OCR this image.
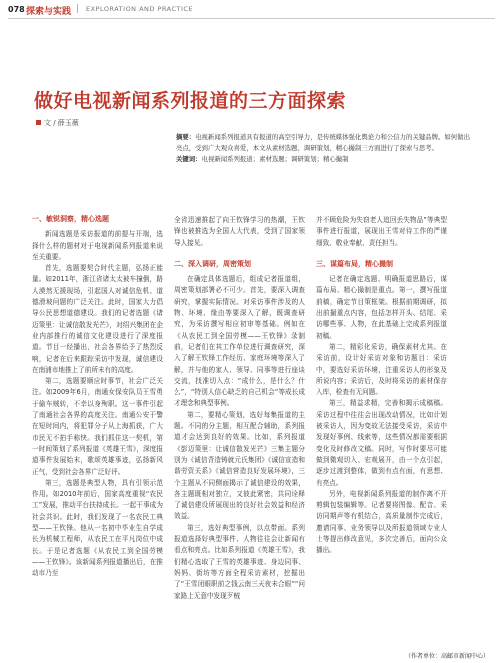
078 探索与实践 | EXPLORATION AND PRACTICE
做好电视新闻系列报道的三方面探索
文 / 薛玉薇

摘要：电视新闻系列报道具有报道的高空引导力，是传统媒体强化舆论力和公信力的关键品牌。如何做出亮点，受到广大观众喜爱，本文从素材选题、调研策划、精心撮制三方面进行了探索与思考。

关键词：电视新闻系列报道；素材选题；调研策划；精心撮制

一、敏锐洞察，精心选题

新闻选题是采访报道的前提与开端，选择什么样的题材对于电视新闻系列报道来说至关重要。

首先，选题要契合时代主题，弘扬正能量。如2011年，浙江省诸太太被车撞倒，路人漠然无援现场，引起国人对诚信危机、道德滑坡问题的广泛关注。此时，国家大力倡导公民思想道德建设。我们的记者选题《诸迈策里：让诚信散发光芒》，对绍兴集团在企业内部推行的诚信文化建设进行了深度报道。节目一经播出，社会各界给予了热烈反响，记者在后来跟踪采访中发现，诚信建设在南浦市地推上了前所未有的高度。

第二，选题要顺应时事节，社会广泛关注。如2009年6月，南通女保安队员王雪勇于偷车贼转，不幸以身殉职。这一事件引起了南通社会各界的高度关注。南通公安干警在短时间内，将犯罪分子从上海抓获，广大市民无不拍手称快。我们抓住这一契机，第一时间策划了系列报道《英雄王雪》，深度报道事件发展始末，歌颂英雄事迹，弘扬新风正气，受到社会各界广泛好评。

第三，选题是典型人物，具有引领示范作用。如2010年前后，国家高度重视“农民工”发展，推动平台扶持成长。一起干事成为社会共识。此时，我们发现了一名农民工典型——王钦锋。他从一名初中毕业生自学成长为机械工程师，从农民工在平凡岗位中成长。于是记者选题《从农民工到全国劳模——王钦锋》。该新闻系列报道播出后，在推动市乃至

全省迅速推起了向王钦锋学习的热潮，王钦锋也被推选为全国人大代表，受到了国家领导人接见。

二、深入调研，周密策划

在确定具体选题后，组成记者报道组，周密策划部署必不可少。首先，要深入调查研究，掌握实际情况。对采访事件涉及的人物、环境、缘由等要深入了解，既调查研究，为采访撰写相应初审等基础。例如在《从农民工到全国劳模——王钦锋》录制前，记者们在其工作单位进行调查研究，深入了解王钦锋工作经历、家庭环境等深入了解，并与他的家人、领导、同事等进行座谈交流，找准切入点：“成什么，是什么？什么”，“特别人信心缺乏的自己机会”等成长成才理念和典型事例。

第二，要精心策划，选好每集报道的主题。不同的分主题，相互配合辅助，系列报道才会达到良好的效果。比如，系列报道《彭迈策里：让诚信散发光芒》三集主题分别为《诚信背造铸就元氏集团》《诚信宣造和谐劳资关系》《诚信营造良好发展环境》，三个主题从不同侧面揭示了诚信建设的效果，各主题既相对独立，又彼此紧密，共同诠释了诚信建设所展现出的良好社会效益和经济效益。

第三，选好典型事例，以点带面。系列报道选择好典型事件、人物往往会让新闻有看点和亮点。比如系列报道《英雄王雪》，我们精心选取了王雪的英雄事迹、身边同事、妈妈、街坊等方面全程采访素材，挖掘出了“王雪闭眼职前之钱云南三天夜未合眼”“问家路上无意中发现歹贼

并不顾危险为失窃老人追回丢失物品”等典型事件进行报道，展现出王雪对待工作的严谨细致、敬业奉献、责任担当。

三、谋篇布局，精心撮制

记者在确定选题、明确报道思路后，谋篇布局、精心撮制是重点。第一，撰写报道前稿，确定节目策框架。根据前期调研，拟出前撮重点内容，包括怎样开头、结尾、采访哪些事、人物，在此基础上完成系列报道初稿。

第二，精彩化采访，确保素材尤其。在采访前，设计好采访对象和访题目：采访中，要选好采访环境，注重采访人的形象及所说内容；采访后，及时将采访的素材保存入库，检查有无问题。

第三，精益求精，完善和揭示成稿稿。采访过程中往往会出现改动情况，比如计划被采访人，因为变故无法接受采访，采访中发现好事例、线索等，这些情况都需要根据变化及时修改文稿。同时，写作时要尽可能做到微观切入、宏观展开，由一个点引起，逐步过渡到整体，做到有点有面，有思想、有亮点。

另外，电视新闻系列报道的制作离不开剪辑包装编辑等。记者要将图像、配音、采访同期声等有机结合，高质量制作完成后，邀请同事、业务领导以及所报道领域专业人士等提出修改意见，多次完善后，面向公众播出。

（作者单位：高邮市新闻中心）
